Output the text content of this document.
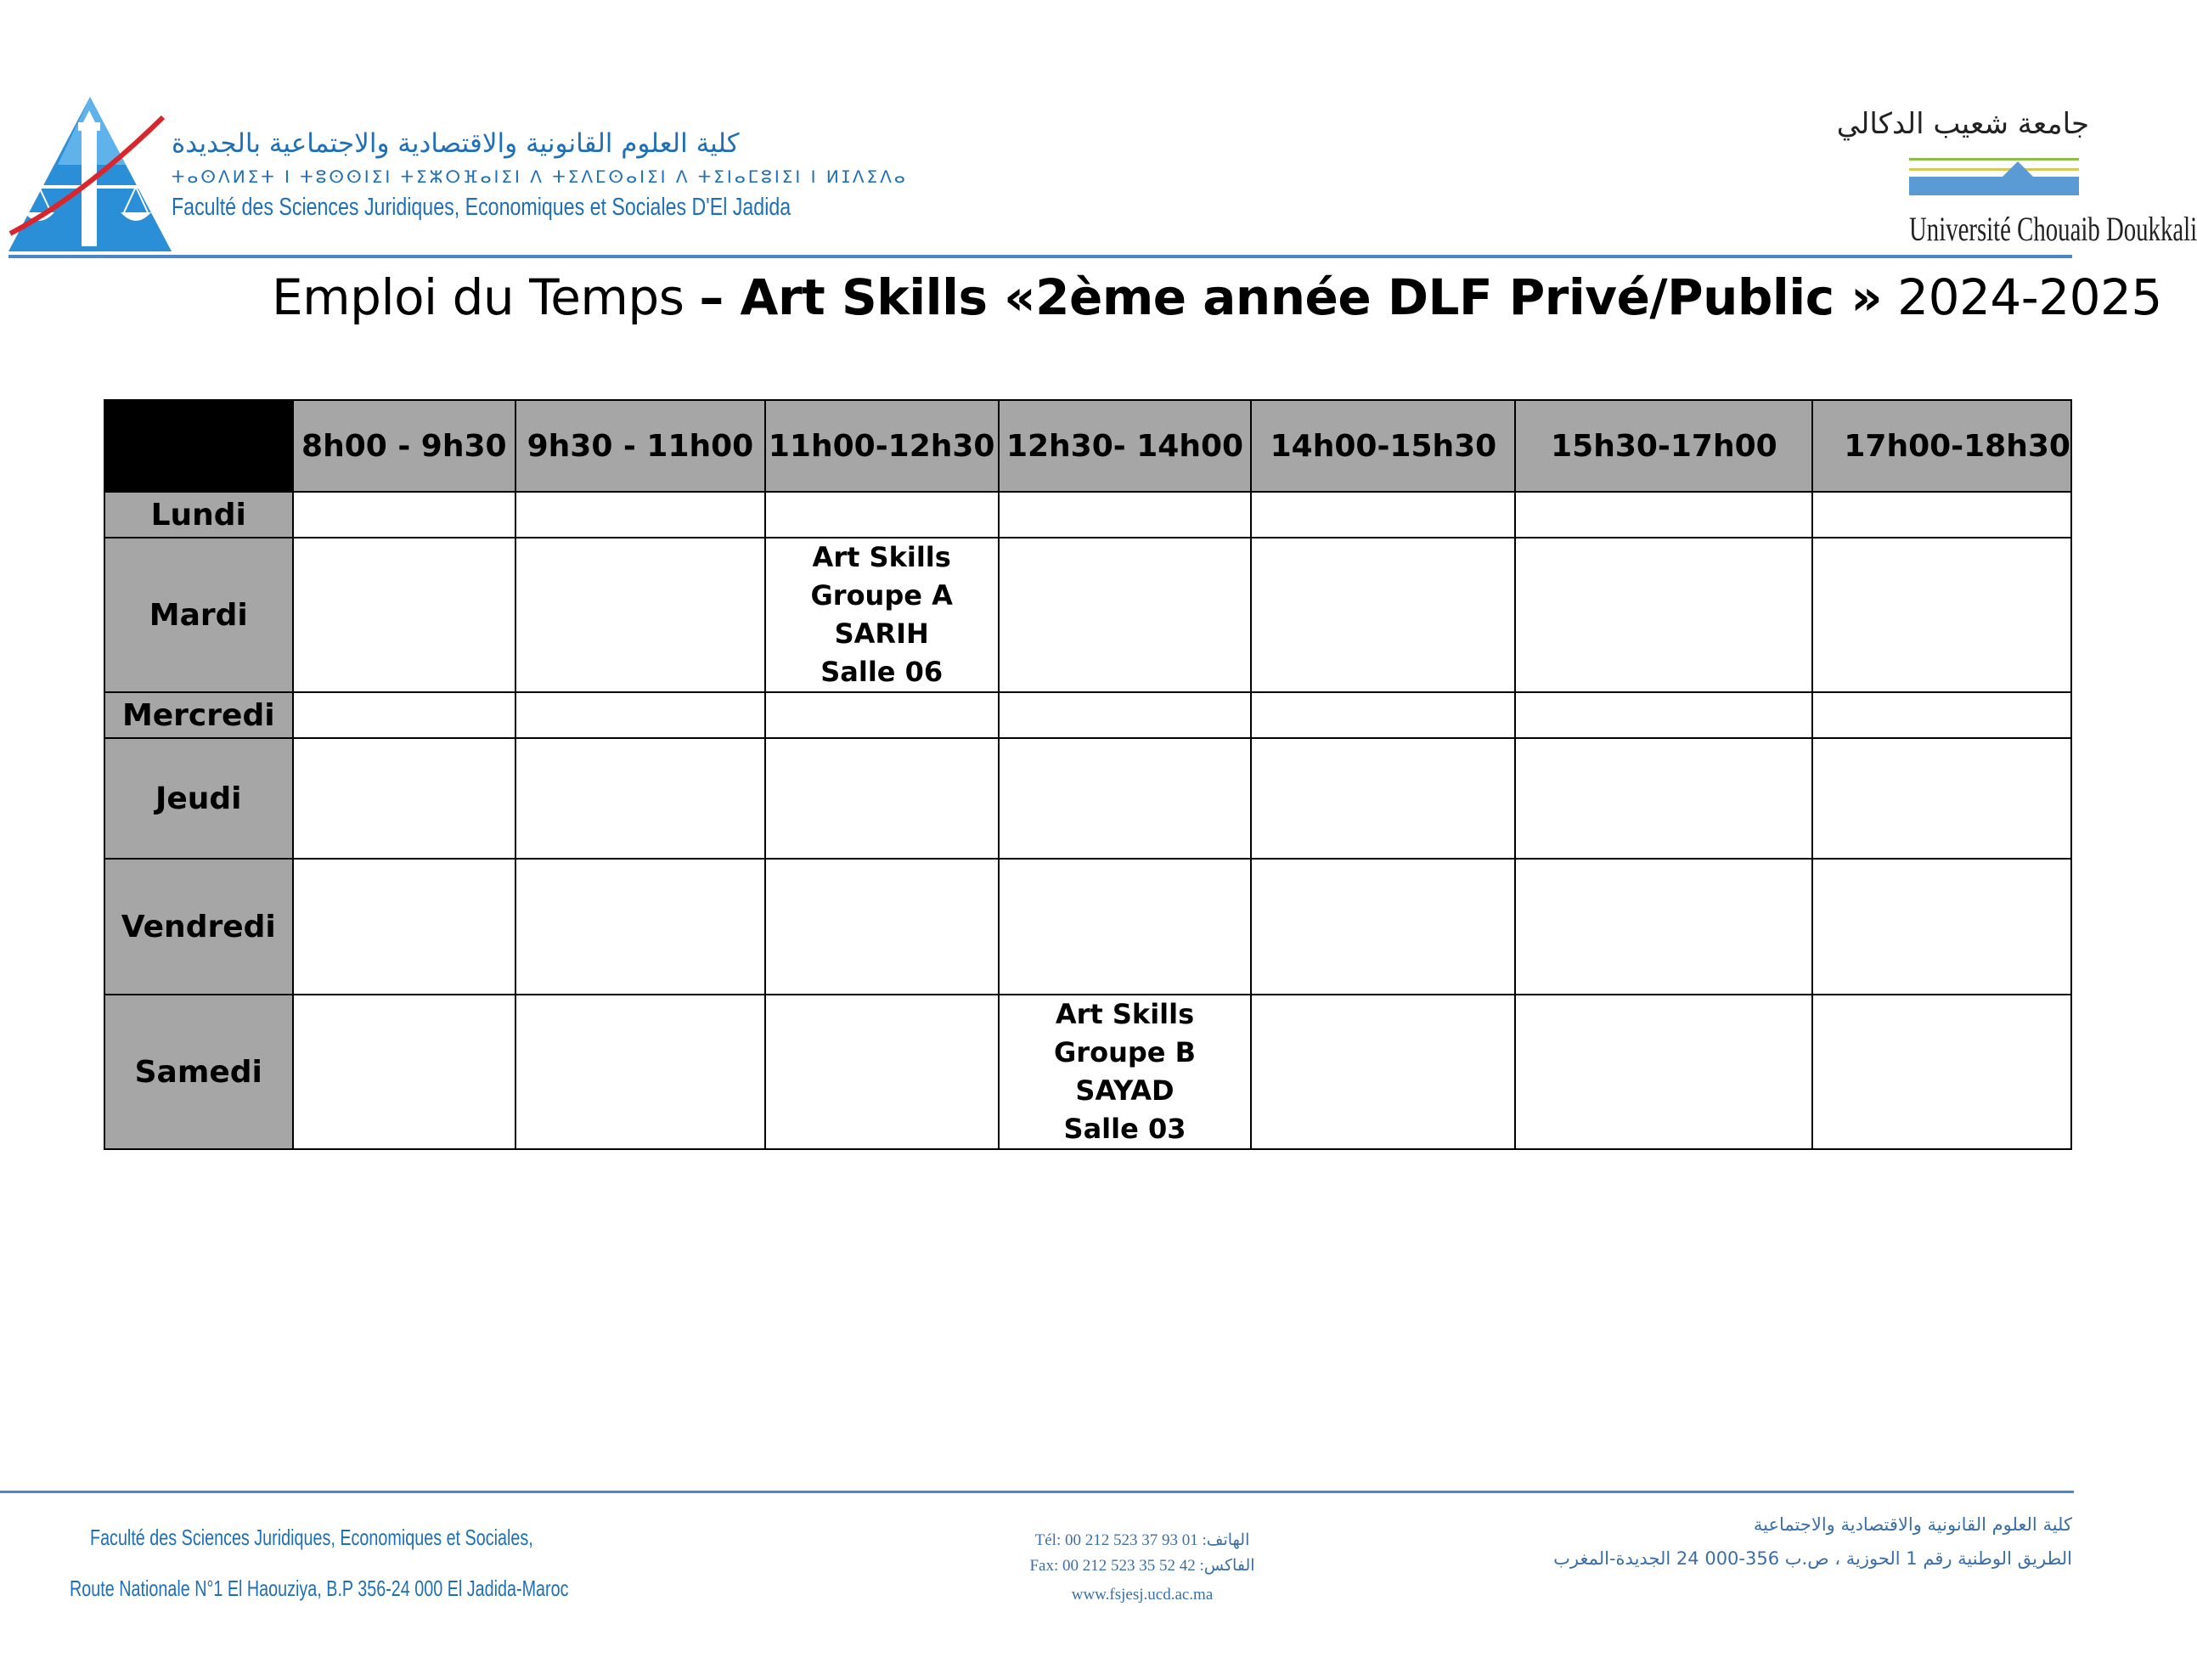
كلية العلوم القانونية والاقتصادية والاجتماعية بالجديدة
ⵜⴰⵙⴷⵍⵉⵜ ⵏ ⵜⵓⵙⵙⵏⵉⵏ ⵜⵉⵣⵔⴼⴰⵏⵉⵏ ⴷ ⵜⵉⴷⵎⵙⴰⵏⵉⵏ ⴷ ⵜⵉⵏⴰⵎⵓⵏⵉⵏ ⵏ ⵍⵊⴷⵉⴷⴰ
Faculté des Sciences Juridiques, Economiques et Sociales D'El Jadida
جامعة شعيب الدكالي
Université Chouaib Doukkali
Emploi du Temps – Art Skills «2ème année DLF Privé/Public » 2024-2025
	8h00 - 9h30	9h30 - 11h00	11h00-12h30	12h30- 14h00	14h00-15h30	15h30-17h00	17h00-18h30
Lundi							
Mardi			Art Skills
Groupe A
SARIH
Salle 06				

Mercredi							
Jeudi							
Vendredi							
Samedi				Art Skills
Groupe B
SAYAD
Salle 03			

Faculté des Sciences Juridiques, Economiques et Sociales,
Route Nationale N°1 El Haouziya, B.P 356-24 000 El Jadida-Maroc
Tél: 00 212 523 37 93 01 :الهاتف
Fax: 00 212 523 35 52 42 :الفاكس
www.fsjesj.ucd.ac.ma
كلية العلوم القانونية والاقتصادية والاجتماعية
الطريق الوطنية رقم 1 الحوزية ، ص.ب 356-000 24 الجديدة-المغرب
